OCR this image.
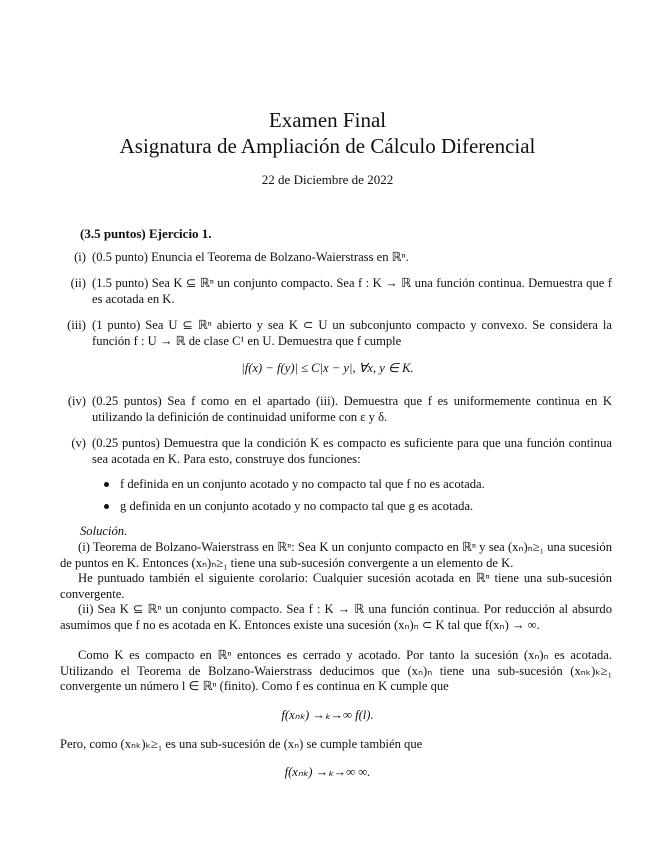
Examen Final
Asignatura de Ampliación de Cálculo Diferencial
22 de Diciembre de 2022
(3.5 puntos) Ejercicio 1.
(i) (0.5 punto) Enuncia el Teorema de Bolzano-Waierstrass en ℝⁿ.
(ii) (1.5 punto) Sea K ⊆ ℝⁿ un conjunto compacto. Sea f : K → ℝ una función continua. Demuestra que f es acotada en K.
(iii) (1 punto) Sea U ⊆ ℝⁿ abierto y sea K ⊂ U un subconjunto compacto y convexo. Se considera la función f : U → ℝ de clase C¹ en U. Demuestra que f cumple
|f(x) − f(y)| ≤ C|x − y|, ∀x, y ∈ K.
(iv) (0.25 puntos) Sea f como en el apartado (iii). Demuestra que f es uniformemente continua en K utilizando la definición de continuidad uniforme con ε y δ.
(v) (0.25 puntos) Demuestra que la condición K es compacto es suficiente para que una función continua sea acotada en K. Para esto, construye dos funciones:
f definida en un conjunto acotado y no compacto tal que f no es acotada.
g definida en un conjunto acotado y no compacto tal que g es acotada.
Solución.
(i) Teorema de Bolzano-Waierstrass en ℝⁿ: Sea K un conjunto compacto en ℝⁿ y sea (xₙ)ₙ≥₁ una sucesión de puntos en K. Entonces (xₙ)ₙ≥₁ tiene una sub-sucesión convergente a un elemento de K.
He puntuado también el siguiente corolario: Cualquier sucesión acotada en ℝⁿ tiene una sub-sucesión convergente.
(ii) Sea K ⊆ ℝⁿ un conjunto compacto. Sea f : K → ℝ una función continua. Por reducción al absurdo asumimos que f no es acotada en K. Entonces existe una sucesión (xₙ)ₙ ⊂ K tal que f(xₙ) → ∞.
Como K es compacto en ℝⁿ entonces es cerrado y acotado. Por tanto la sucesión (xₙ)ₙ es acotada. Utilizando el Teorema de Bolzano-Waierstrass deducimos que (xₙ)ₙ tiene una sub-sucesión (xₙₖ)ₖ≥₁ convergente un número l ∈ ℝⁿ (finito). Como f es continua en K cumple que
f(xₙₖ) →ₖ→∞ f(l).
Pero, como (xₙₖ)ₖ≥₁ es una sub-sucesión de (xₙ) se cumple también que
f(xₙₖ) →ₖ→∞ ∞.
